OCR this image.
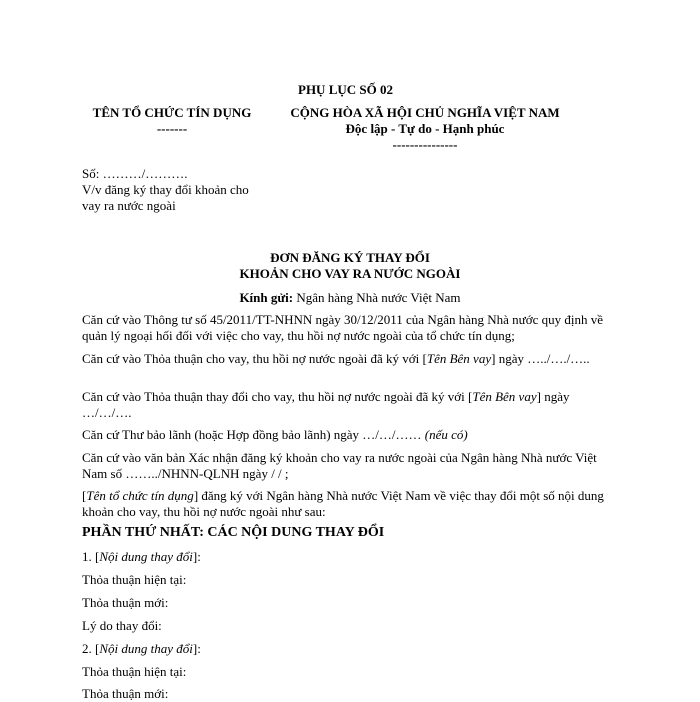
PHỤ LỤC SỐ 02
TÊN TỔ CHỨC TÍN DỤNG
-------
CỘNG HÒA XÃ HỘI CHỦ NGHĨA VIỆT NAM
Độc lập - Tự do - Hạnh phúc
---------------
Số: ………/……….
V/v đăng ký thay đổi khoản cho
vay ra nước ngoài
ĐƠN ĐĂNG KÝ THAY ĐỔI
KHOẢN CHO VAY RA NƯỚC NGOÀI
Kính gửi: Ngân hàng Nhà nước Việt Nam
Căn cứ vào Thông tư số 45/2011/TT-NHNN ngày 30/12/2011 của Ngân hàng Nhà nước quy định về quản lý ngoại hối đối với việc cho vay, thu hồi nợ nước ngoài của tổ chức tín dụng;
Căn cứ vào Thỏa thuận cho vay, thu hồi nợ nước ngoài đã ký với [Tên Bên vay] ngày …../…./…..
Căn cứ vào Thỏa thuận thay đổi cho vay, thu hồi nợ nước ngoài đã ký với [Tên Bên vay] ngày …/…/….
Căn cứ Thư bảo lãnh (hoặc Hợp đồng bảo lãnh) ngày …/…/…… (nếu có)
Căn cứ vào văn bản Xác nhận đăng ký khoản cho vay ra nước ngoài của Ngân hàng Nhà nước Việt Nam số ……../NHNN-QLNH ngày / / ;
[Tên tổ chức tín dụng] đăng ký với Ngân hàng Nhà nước Việt Nam về việc thay đổi một số nội dung khoản cho vay, thu hồi nợ nước ngoài như sau:
PHẦN THỨ NHẤT: CÁC NỘI DUNG THAY ĐỔI
1. [Nội dung thay đổi]:
Thỏa thuận hiện tại:
Thỏa thuận mới:
Lý do thay đổi:
2. [Nội dung thay đổi]:
Thỏa thuận hiện tại:
Thỏa thuận mới:
